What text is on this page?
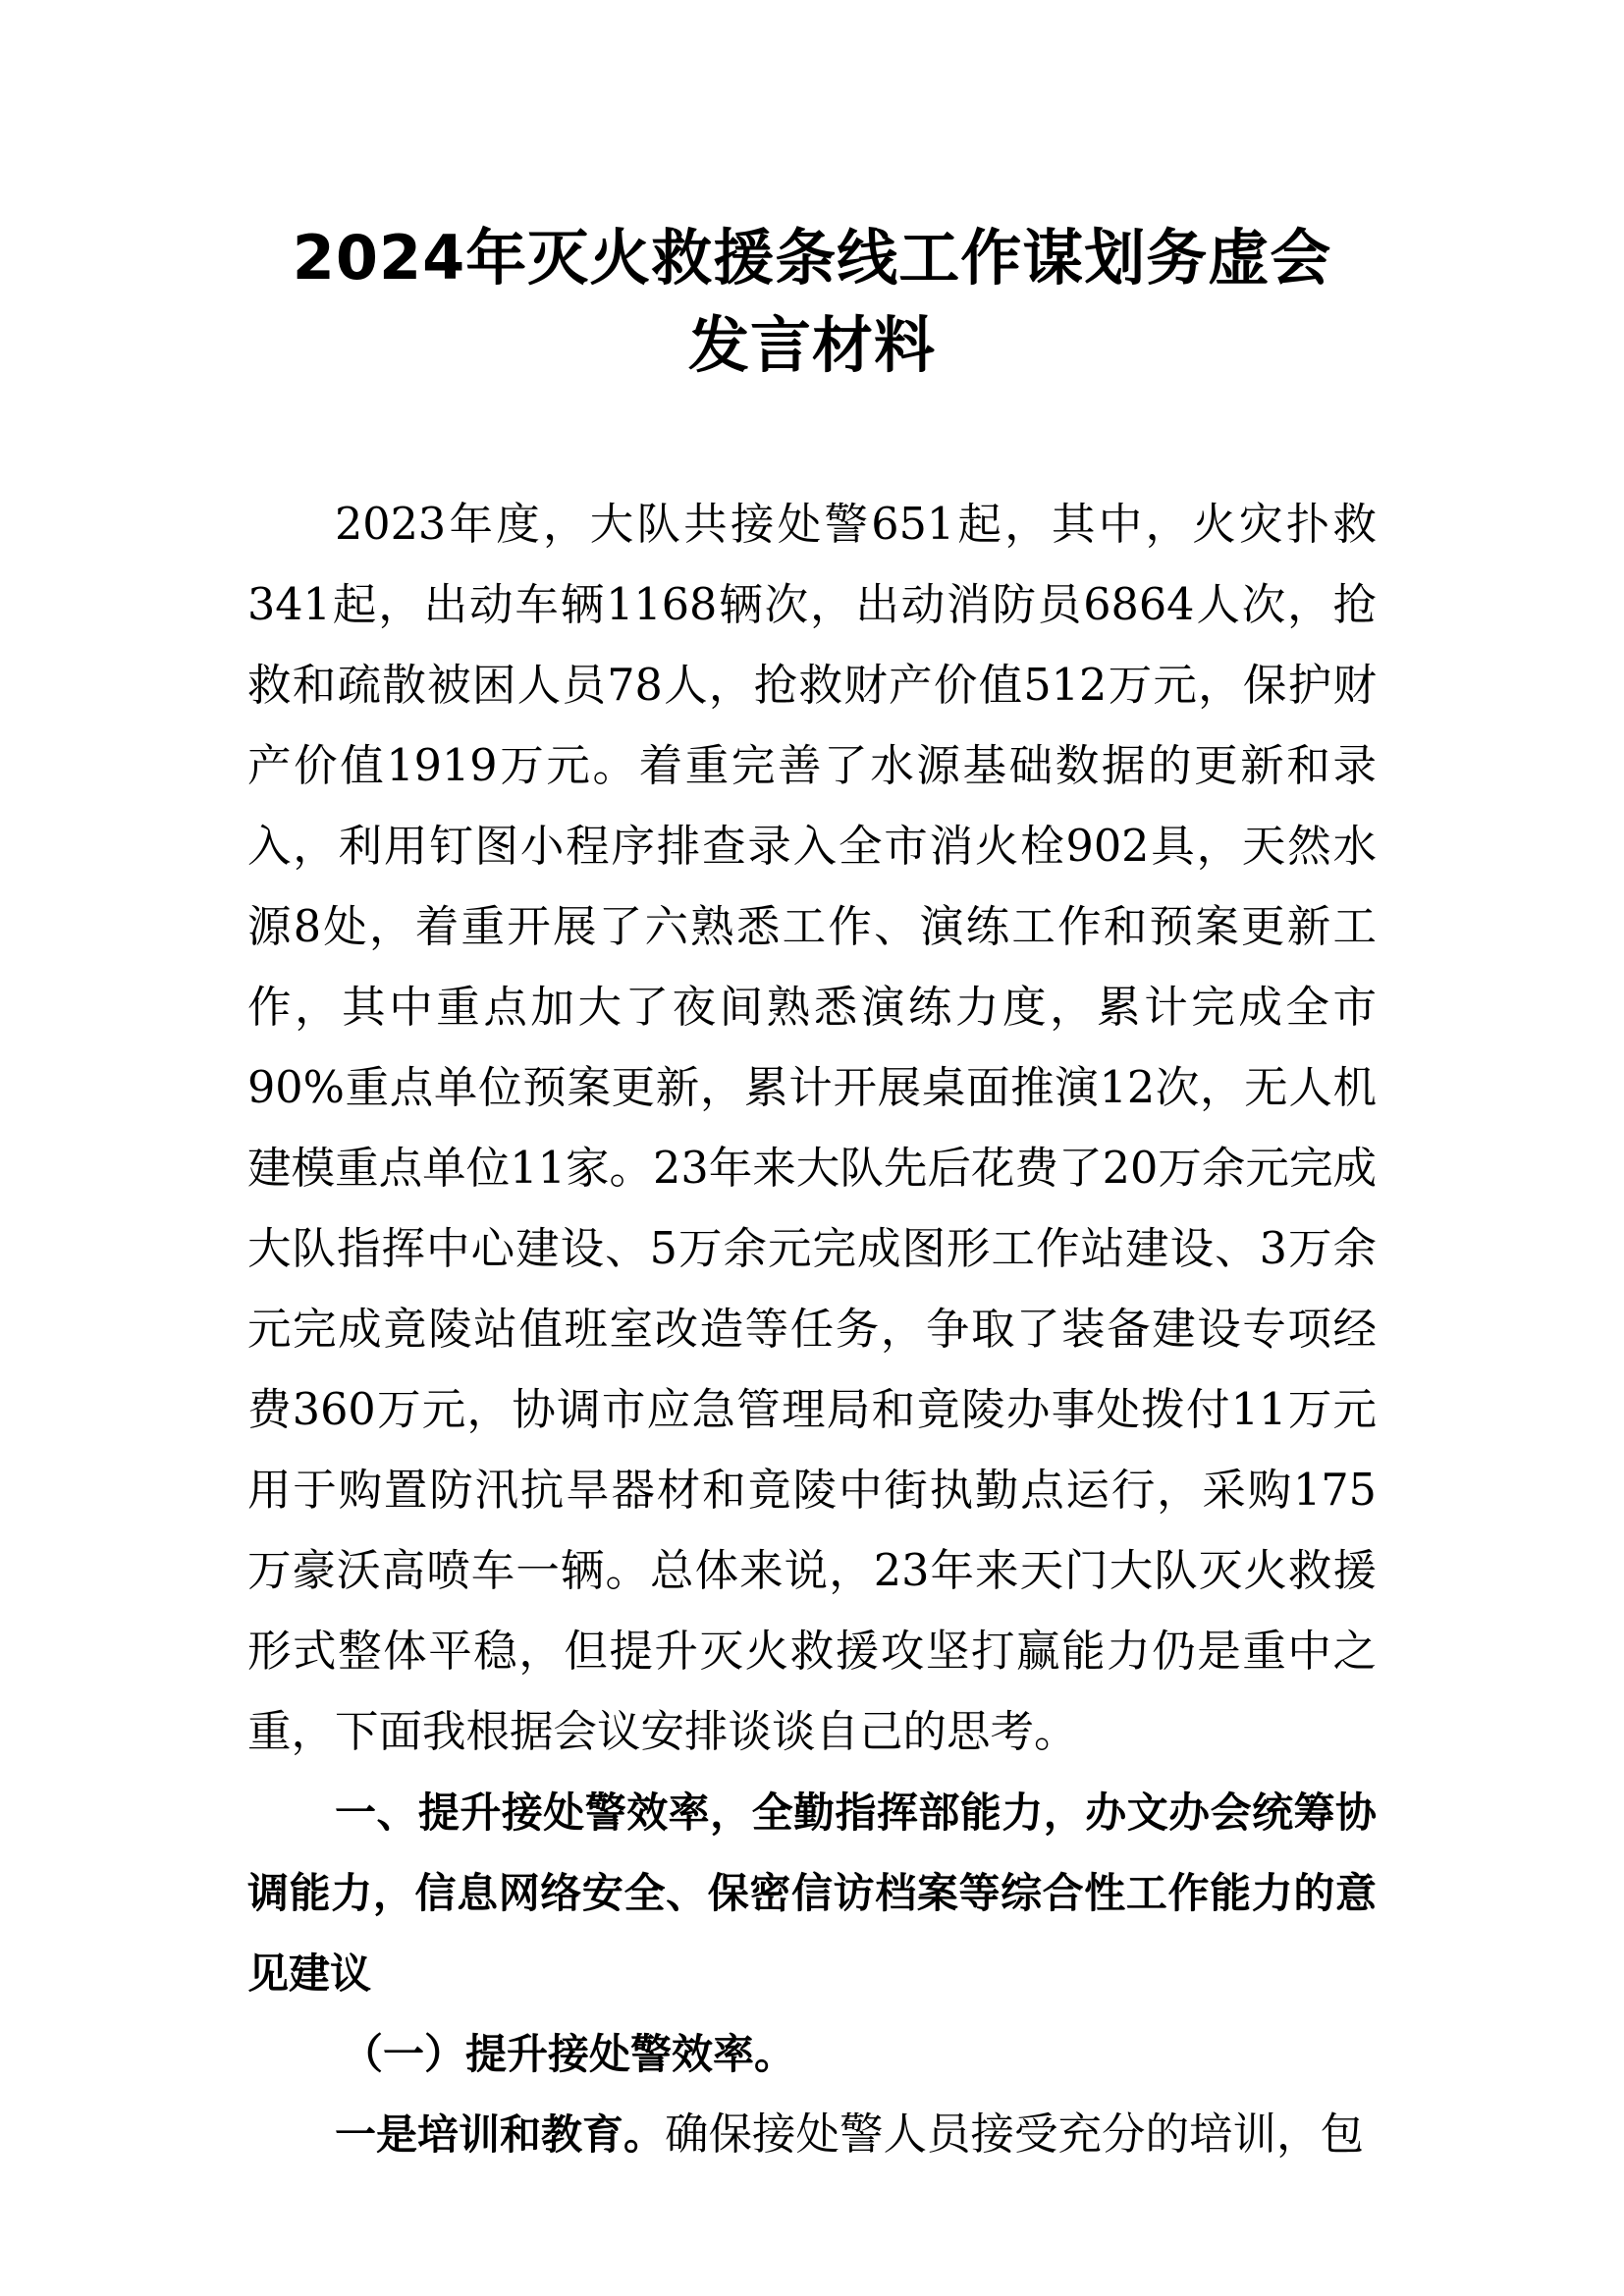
2024年灭火救援条线工作谋划务虚会
发言材料

2023年度，大队共接处警651起，其中，火灾扑救341起，出动车辆1168辆次，出动消防员6864人次，抢救和疏散被困人员78人，抢救财产价值512万元，保护财产价值1919万元。着重完善了水源基础数据的更新和录入，利用钉图小程序排查录入全市消火栓902具，天然水源8处，着重开展了六熟悉工作、演练工作和预案更新工作，其中重点加大了夜间熟悉演练力度，累计完成全市90%重点单位预案更新，累计开展桌面推演12次，无人机建模重点单位11家。23年来大队先后花费了20万余元完成大队指挥中心建设、5万余元完成图形工作站建设、3万余元完成竟陵站值班室改造等任务，争取了装备建设专项经费360万元，协调市应急管理局和竟陵办事处拨付11万元用于购置防汛抗旱器材和竟陵中街执勤点运行，采购175万豪沃高喷车一辆。总体来说，23年来天门大队灭火救援形式整体平稳，但提升灭火救援攻坚打赢能力仍是重中之重，下面我根据会议安排谈谈自己的思考。

一、提升接处警效率，全勤指挥部能力，办文办会统筹协调能力，信息网络安全、保密信访档案等综合性工作能力的意见建议

（一）提升接处警效率。

一是培训和教育。确保接处警人员接受充分的培训，包
